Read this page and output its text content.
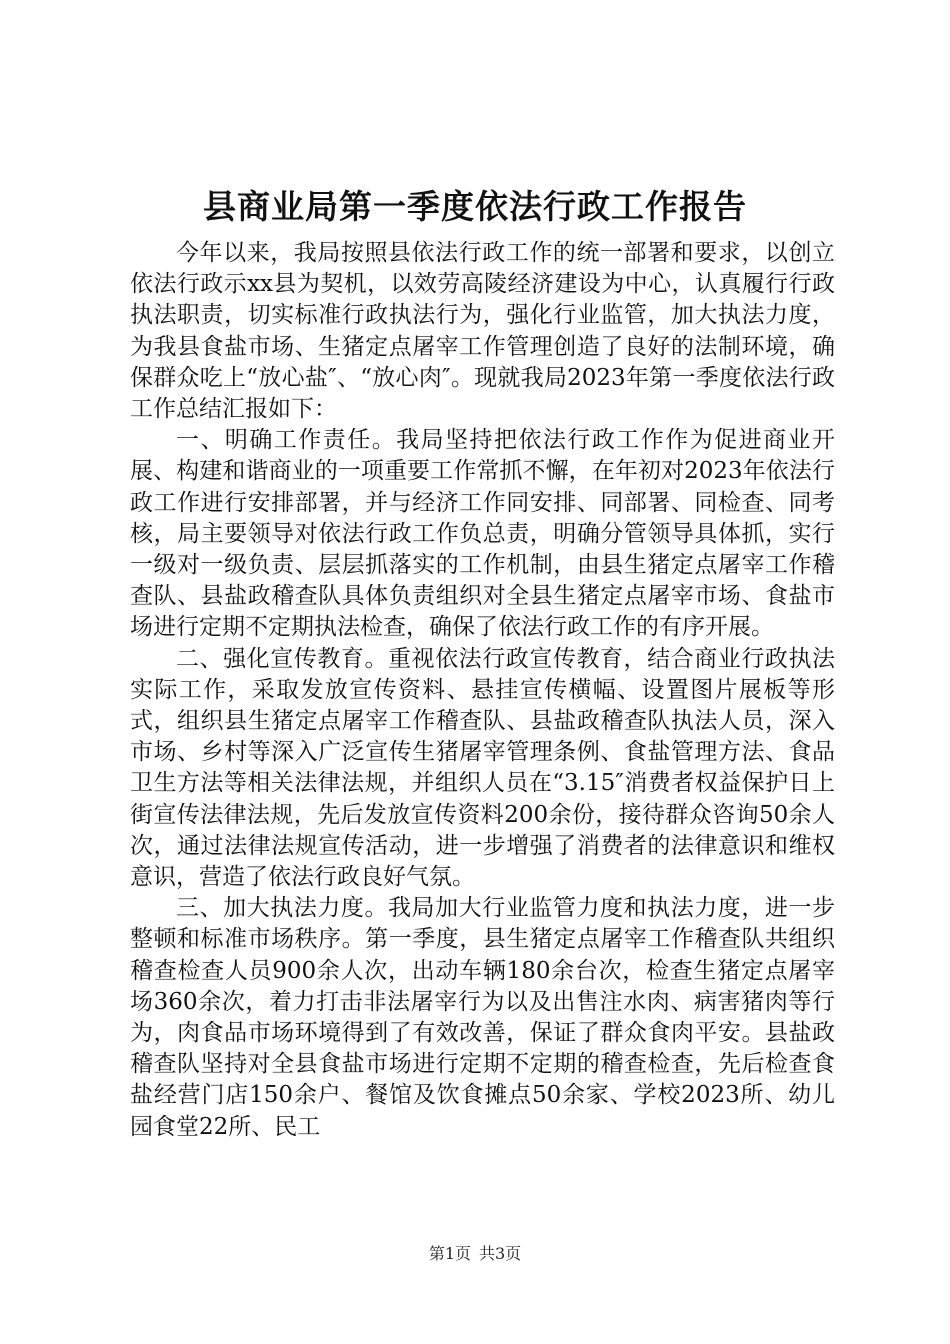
县商业局第一季度依法行政工作报告

今年以来，我局按照县依法行政工作的统一部署和要求，以创立依法行政示xx县为契机，以效劳高陵经济建设为中心，认真履行行政执法职责，切实标准行政执法行为，强化行业监管，加大执法力度，为我县食盐市场、生猪定点屠宰工作管理创造了良好的法制环境，确保群众吃上“放心盐″、“放心肉″。现就我局2023年第一季度依法行政工作总结汇报如下：

一、明确工作责任。我局坚持把依法行政工作作为促进商业开展、构建和谐商业的一项重要工作常抓不懈，在年初对2023年依法行政工作进行安排部署，并与经济工作同安排、同部署、同检查、同考核，局主要领导对依法行政工作负总责，明确分管领导具体抓，实行一级对一级负责、层层抓落实的工作机制，由县生猪定点屠宰工作稽查队、县盐政稽查队具体负责组织对全县生猪定点屠宰市场、食盐市场进行定期不定期执法检查，确保了依法行政工作的有序开展。

二、强化宣传教育。重视依法行政宣传教育，结合商业行政执法实际工作，采取发放宣传资料、悬挂宣传横幅、设置图片展板等形式，组织县生猪定点屠宰工作稽查队、县盐政稽查队执法人员，深入市场、乡村等深入广泛宣传生猪屠宰管理条例、食盐管理方法、食品卫生方法等相关法律法规，并组织人员在“3.15″消费者权益保护日上街宣传法律法规，先后发放宣传资料200余份，接待群众咨询50余人次，通过法律法规宣传活动，进一步增强了消费者的法律意识和维权意识，营造了依法行政良好气氛。

三、加大执法力度。我局加大行业监管力度和执法力度，进一步整顿和标准市场秩序。第一季度，县生猪定点屠宰工作稽查队共组织稽查检查人员900余人次，出动车辆180余台次，检查生猪定点屠宰场360余次，着力打击非法屠宰行为以及出售注水肉、病害猪肉等行为，肉食品市场环境得到了有效改善，保证了群众食肉平安。县盐政稽查队坚持对全县食盐市场进行定期不定期的稽查检查，先后检查食盐经营门店150余户、餐馆及饮食摊点50余家、学校2023所、幼儿园食堂22所、民工

第1页 共3页
